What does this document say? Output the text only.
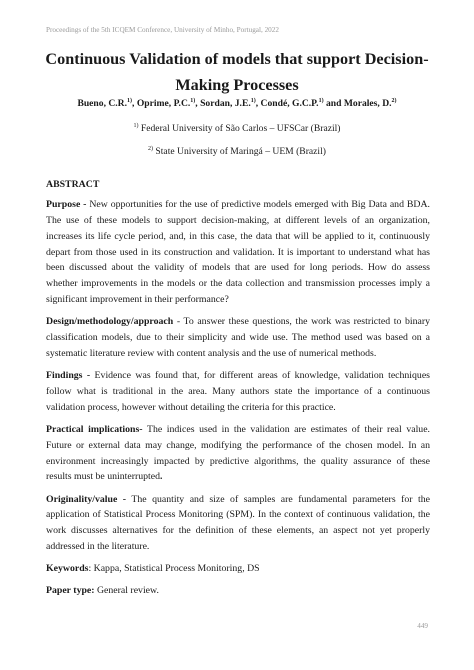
Proceedings of the 5th ICQEM Conference, University of Minho, Portugal, 2022
Continuous Validation of models that support Decision-Making Processes
Bueno, C.R.$^{1)}$, Oprime, P.C.$^{1)}$, Sordan, J.E.$^{1)}$, Condé, G.C.P.$^{1)}$ and Morales, D.$^{2)}$
$^{1)}$ Federal University of São Carlos – UFSCar (Brazil)
$^{2)}$ State University of Maringá – UEM (Brazil)
ABSTRACT

Purpose - New opportunities for the use of predictive models emerged with Big Data and BDA. The use of these models to support decision-making, at different levels of an organization, increases its life cycle period, and, in this case, the data that will be applied to it, continuously depart from those used in its construction and validation. It is important to understand what has been discussed about the validity of models that are used for long periods. How do assess whether improvements in the models or the data collection and transmission processes imply a significant improvement in their performance?

Design/methodology/approach - To answer these questions, the work was restricted to binary classification models, due to their simplicity and wide use. The method used was based on a systematic literature review with content analysis and the use of numerical methods.

Findings - Evidence was found that, for different areas of knowledge, validation techniques follow what is traditional in the area. Many authors state the importance of a continuous validation process, however without detailing the criteria for this practice.

Practical implications- The indices used in the validation are estimates of their real value. Future or external data may change, modifying the performance of the chosen model. In an environment increasingly impacted by predictive algorithms, the quality assurance of these results must be uninterrupted.

Originality/value - The quantity and size of samples are fundamental parameters for the application of Statistical Process Monitoring (SPM). In the context of continuous validation, the work discusses alternatives for the definition of these elements, an aspect not yet properly addressed in the literature.

Keywords: Kappa, Statistical Process Monitoring, DS

Paper type: General review.

449
